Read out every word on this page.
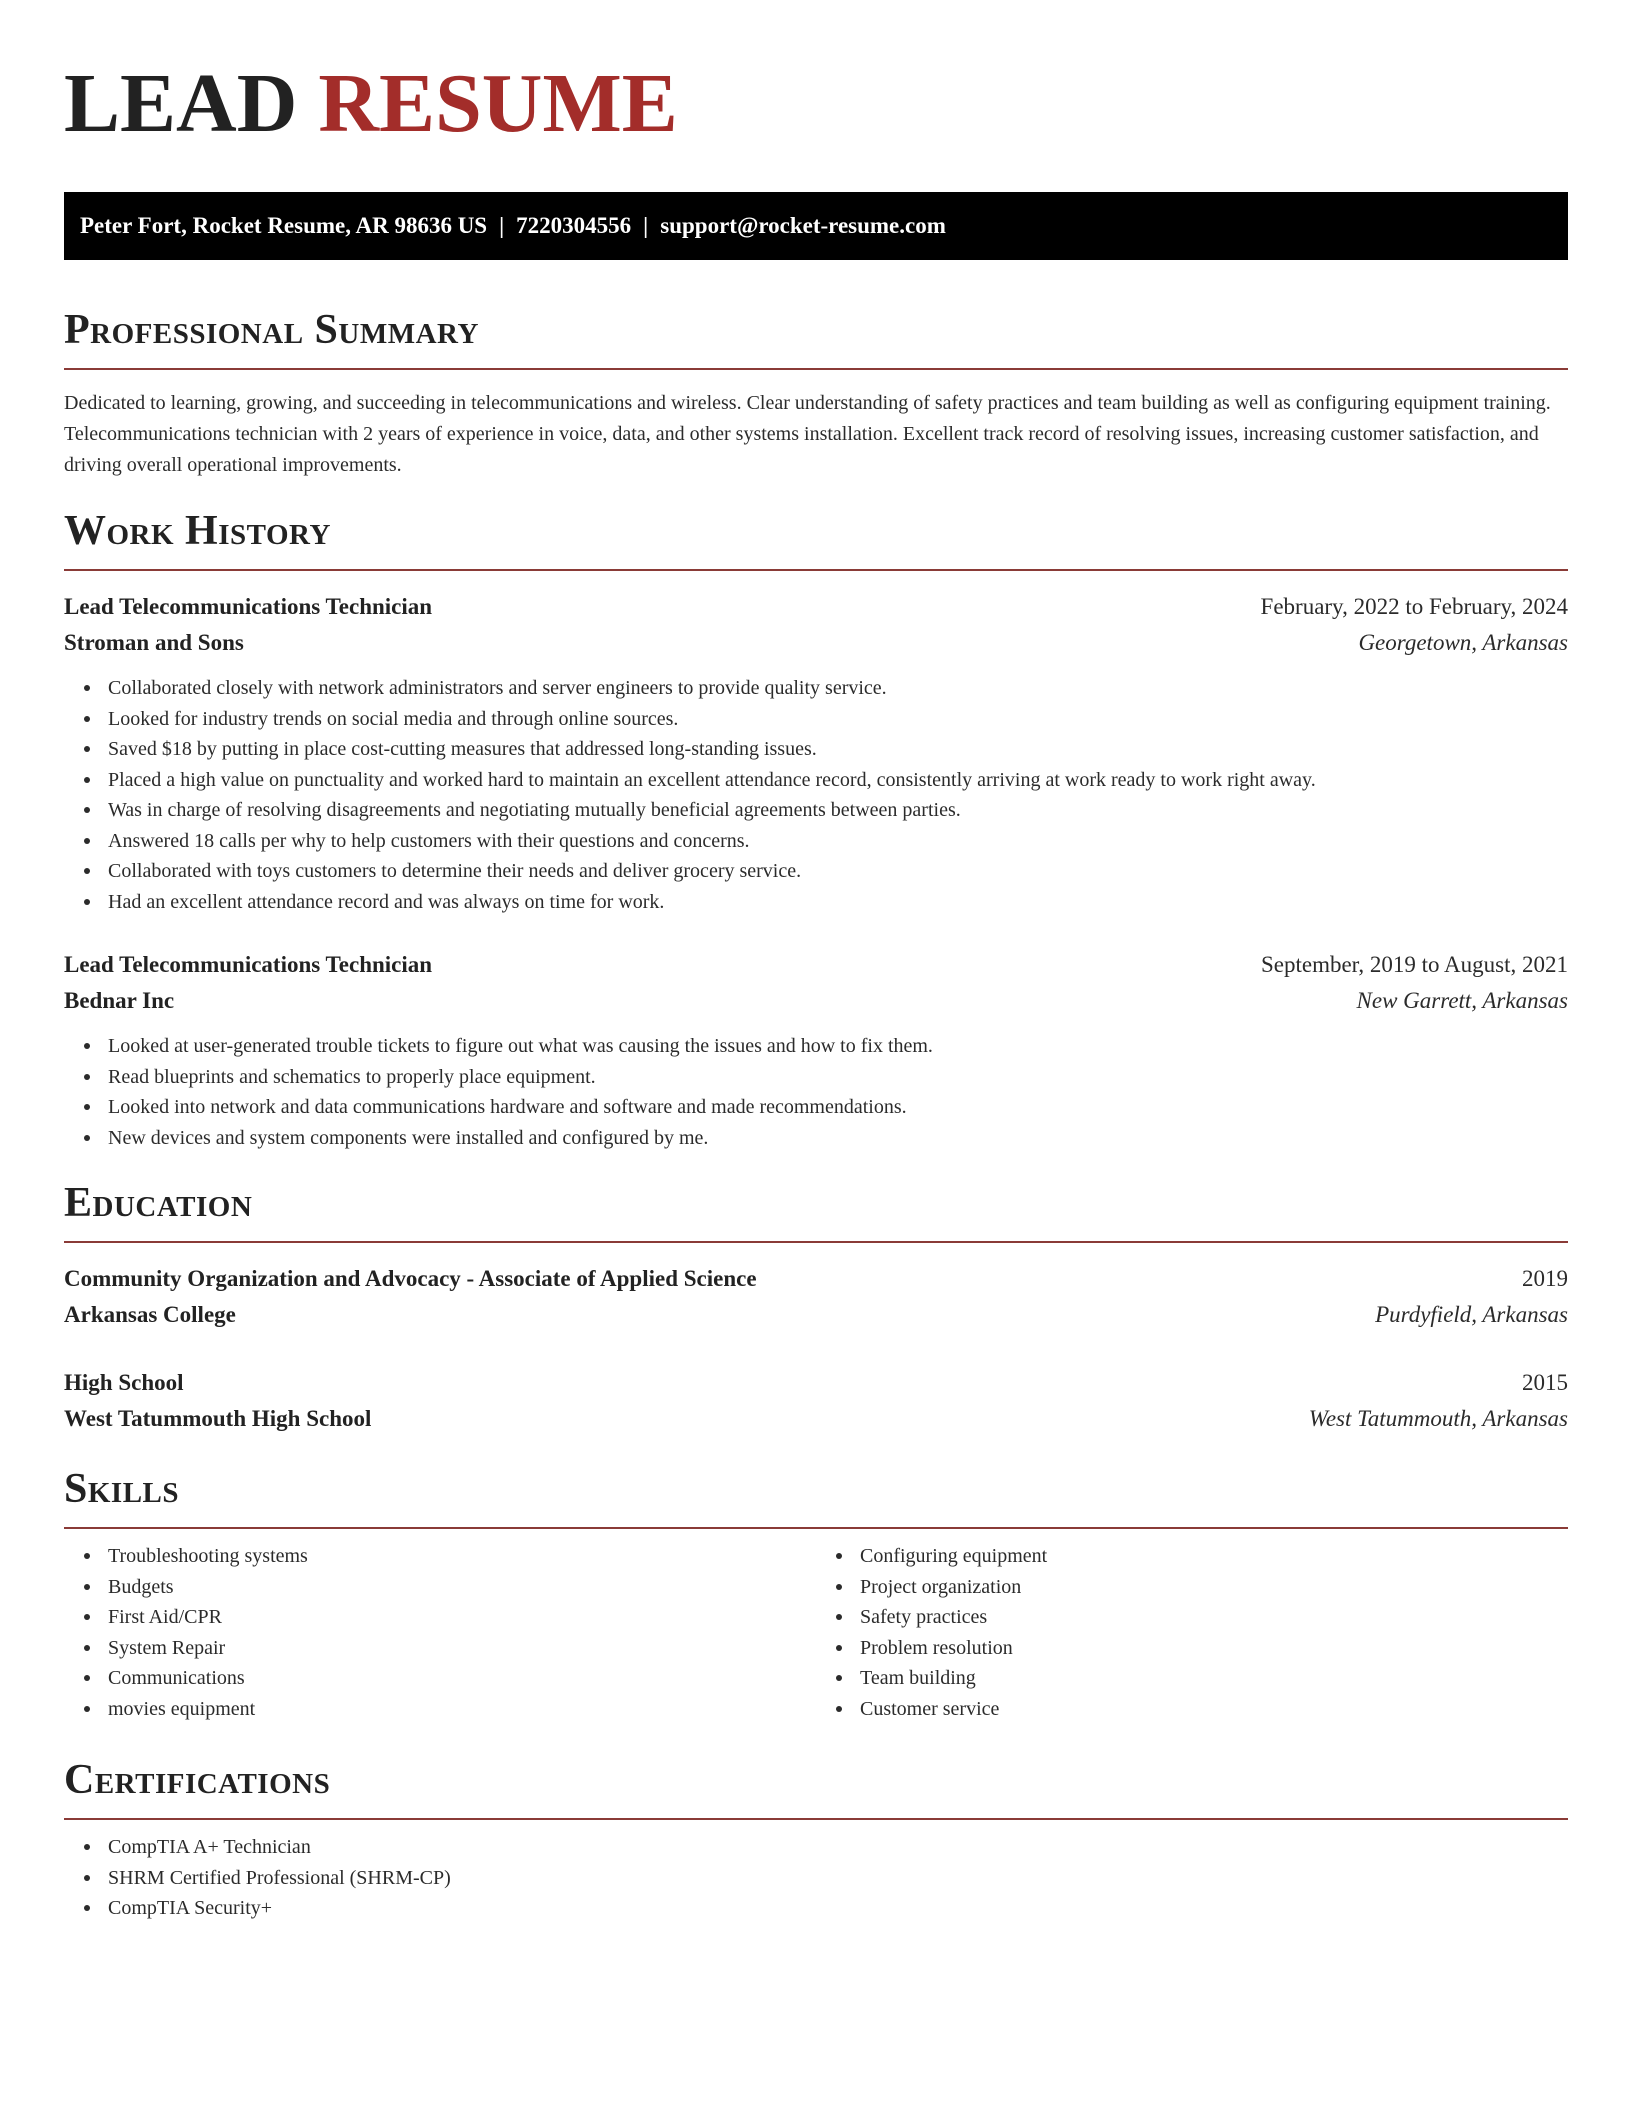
LEAD RESUME
Peter Fort, Rocket Resume, AR 98636 US | 7220304556 | support@rocket-resume.com
Professional Summary

Dedicated to learning, growing, and succeeding in telecommunications and wireless. Clear understanding of safety practices and team building as well as configuring equipment training. Telecommunications technician with 2 years of experience in voice, data, and other systems installation. Excellent track record of resolving issues, increasing customer satisfaction, and driving overall operational improvements.

Work History
Lead Telecommunications Technician	February, 2022 to February, 2024
Stroman and Sons	Georgetown, Arkansas
Collaborated closely with network administrators and server engineers to provide quality service.
Looked for industry trends on social media and through online sources.
Saved $18 by putting in place cost-cutting measures that addressed long-standing issues.
Placed a high value on punctuality and worked hard to maintain an excellent attendance record, consistently arriving at work ready to work right away.
Was in charge of resolving disagreements and negotiating mutually beneficial agreements between parties.
Answered 18 calls per why to help customers with their questions and concerns.
Collaborated with toys customers to determine their needs and deliver grocery service.
Had an excellent attendance record and was always on time for work.
Lead Telecommunications Technician	September, 2019 to August, 2021
Bednar Inc	New Garrett, Arkansas
Looked at user-generated trouble tickets to figure out what was causing the issues and how to fix them.
Read blueprints and schematics to properly place equipment.
Looked into network and data communications hardware and software and made recommendations.
New devices and system components were installed and configured by me.
Education
Community Organization and Advocacy - Associate of Applied Science	2019
Arkansas College	Purdyfield, Arkansas
High School	2015
West Tatummouth High School	West Tatummouth, Arkansas
Skills
Troubleshooting systems
Budgets
First Aid/CPR
System Repair
Communications
movies equipment
Configuring equipment
Project organization
Safety practices
Problem resolution
Team building
Customer service
Certifications
CompTIA A+ Technician
SHRM Certified Professional (SHRM-CP)
CompTIA Security+
